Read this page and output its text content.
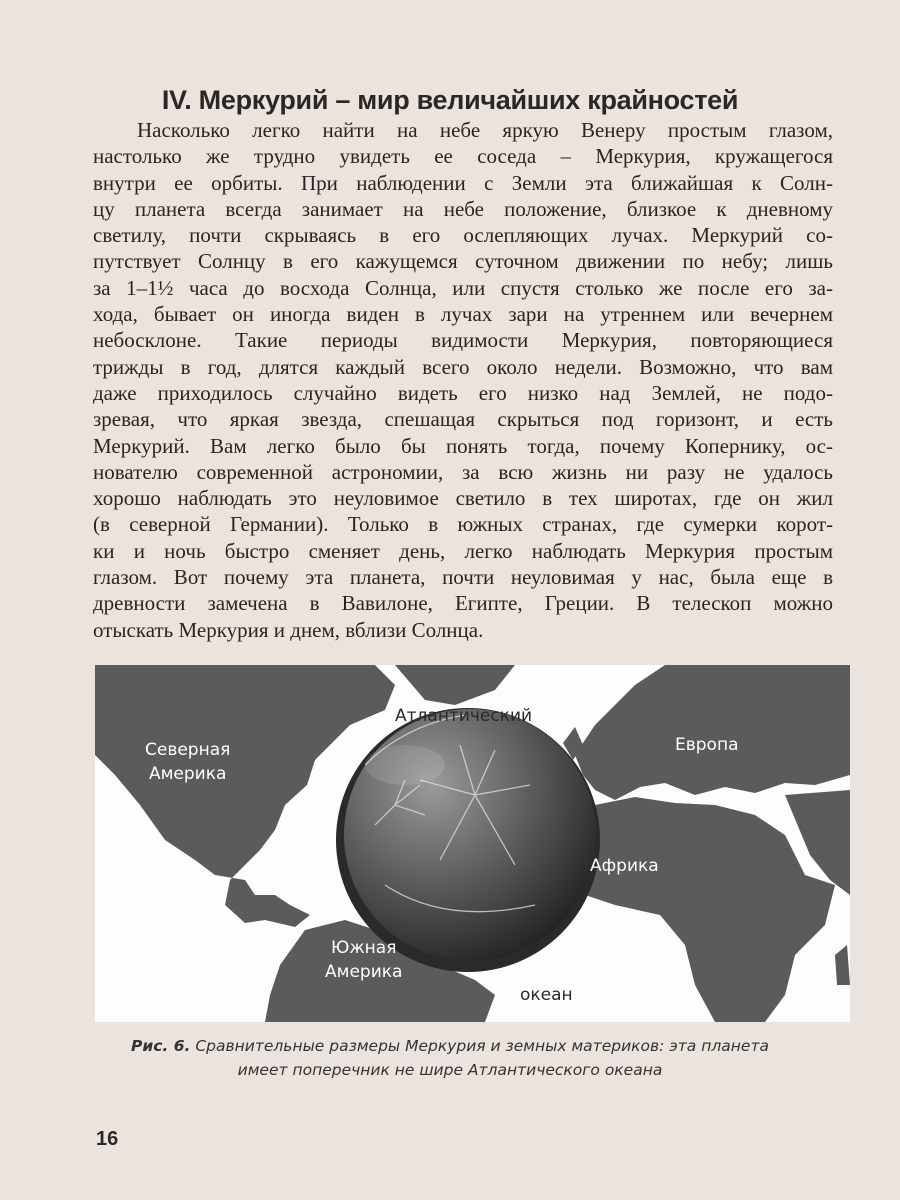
IV. Меркурий – мир величайших крайностей
Насколько легко найти на небе яркую Венеру простым глазом,
настолько же трудно увидеть ее соседа – Меркурия, кружащегося
внутри ее орбиты. При наблюдении с Земли эта ближайшая к Солн-
цу планета всегда занимает на небе положение, близкое к дневному
светилу, почти скрываясь в его ослепляющих лучах. Меркурий со-
путствует Солнцу в его кажущемся суточном движении по небу; лишь
за 1–1½ часа до восхода Солнца, или спустя столько же после его за-
хода, бывает он иногда виден в лучах зари на утреннем или вечернем
небосклоне. Такие периоды видимости Меркурия, повторяющиеся
трижды в год, длятся каждый всего около недели. Возможно, что вам
даже приходилось случайно видеть его низко над Землей, не подо-
зревая, что яркая звезда, спешащая скрыться под горизонт, и есть
Меркурий. Вам легко было бы понять тогда, почему Копернику, ос-
нователю современной астрономии, за всю жизнь ни разу не удалось
хорошо наблюдать это неуловимое светило в тех широтах, где он жил
(в северной Германии). Только в южных странах, где сумерки корот-
ки и ночь быстро сменяет день, легко наблюдать Меркурия простым
глазом. Вот почему эта планета, почти неуловимая у нас, была еще в
древности замечена в Вавилоне, Египте, Греции. В телескоп можно
отыскать Меркурия и днем, вблизи Солнца.
Атлантический
Северная
Америка
Европа
Африка
Южная
Америка
океан
Рис. 6. Сравнительные размеры Меркурия и земных материков: эта планета
имеет поперечник не шире Атлантического океана
16
